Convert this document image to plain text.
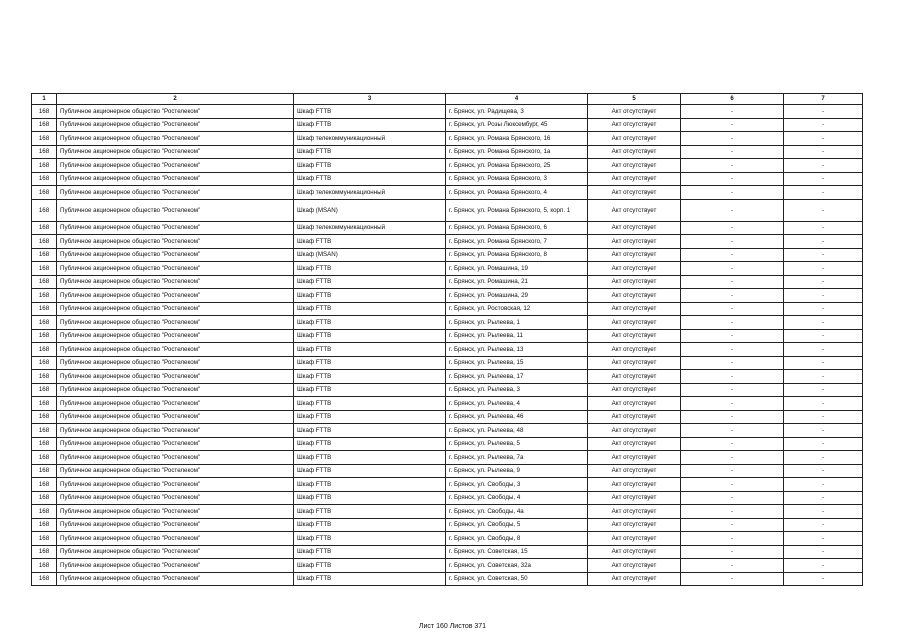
1	2	3	4	5	6	7
168	Публичное акционерное общество "Ростелеком"	Шкаф FTTB	г. Брянск, ул. Радищева, 3	Акт отсутствует	-	-
168	Публичное акционерное общество "Ростелеком"	Шкаф FTTB	г. Брянск, ул. Розы Люксембург, 45	Акт отсутствует	-	-
168	Публичное акционерное общество "Ростелеком"	Шкаф телекоммуникационный	г. Брянск, ул. Романа Брянского, 16	Акт отсутствует	-	-
168	Публичное акционерное общество "Ростелеком"	Шкаф FTTB	г. Брянск, ул. Романа Брянского, 1а	Акт отсутствует	-	-
168	Публичное акционерное общество "Ростелеком"	Шкаф FTTB	г. Брянск, ул. Романа Брянского, 25	Акт отсутствует	-	-
168	Публичное акционерное общество "Ростелеком"	Шкаф FTTB	г. Брянск, ул. Романа Брянского, 3	Акт отсутствует	-	-
168	Публичное акционерное общество "Ростелеком"	Шкаф телекоммуникационный	г. Брянск, ул. Романа Брянского, 4	Акт отсутствует	-	-
168	Публичное акционерное общество "Ростелеком"	Шкаф (MSAN)	г. Брянск, ул. Романа Брянского, 5, корп. 1	Акт отсутствует	-	-
168	Публичное акционерное общество "Ростелеком"	Шкаф телекоммуникационный	г. Брянск, ул. Романа Брянского, 6	Акт отсутствует	-	-
168	Публичное акционерное общество "Ростелеком"	Шкаф FTTB	г. Брянск, ул. Романа Брянского, 7	Акт отсутствует	-	-
168	Публичное акционерное общество "Ростелеком"	Шкаф (MSAN)	г. Брянск, ул. Романа Брянского, 8	Акт отсутствует	-	-
168	Публичное акционерное общество "Ростелеком"	Шкаф FTTB	г. Брянск, ул. Ромашина, 19	Акт отсутствует	-	-
168	Публичное акционерное общество "Ростелеком"	Шкаф FTTB	г. Брянск, ул. Ромашина, 21	Акт отсутствует	-	-
168	Публичное акционерное общество "Ростелеком"	Шкаф FTTB	г. Брянск, ул. Ромашина, 29	Акт отсутствует	-	-
168	Публичное акционерное общество "Ростелеком"	Шкаф FTTB	г. Брянск, ул. Ростовская, 12	Акт отсутствует	-	-
168	Публичное акционерное общество "Ростелеком"	Шкаф FTTB	г. Брянск, ул. Рылеева, 1	Акт отсутствует	-	-
168	Публичное акционерное общество "Ростелеком"	Шкаф FTTB	г. Брянск, ул. Рылеева, 11	Акт отсутствует	-	-
168	Публичное акционерное общество "Ростелеком"	Шкаф FTTB	г. Брянск, ул. Рылеева, 13	Акт отсутствует	-	-
168	Публичное акционерное общество "Ростелеком"	Шкаф FTTB	г. Брянск, ул. Рылеева, 15	Акт отсутствует	-	-
168	Публичное акционерное общество "Ростелеком"	Шкаф FTTB	г. Брянск, ул. Рылеева, 17	Акт отсутствует	-	-
168	Публичное акционерное общество "Ростелеком"	Шкаф FTTB	г. Брянск, ул. Рылеева, 3	Акт отсутствует	-	-
168	Публичное акционерное общество "Ростелеком"	Шкаф FTTB	г. Брянск, ул. Рылеева, 4	Акт отсутствует	-	-
168	Публичное акционерное общество "Ростелеком"	Шкаф FTTB	г. Брянск, ул. Рылеева, 46	Акт отсутствует	-	-
168	Публичное акционерное общество "Ростелеком"	Шкаф FTTB	г. Брянск, ул. Рылеева, 48	Акт отсутствует	-	-
168	Публичное акционерное общество "Ростелеком"	Шкаф FTTB	г. Брянск, ул. Рылеева, 5	Акт отсутствует	-	-
168	Публичное акционерное общество "Ростелеком"	Шкаф FTTB	г. Брянск, ул. Рылеева, 7а	Акт отсутствует	-	-
168	Публичное акционерное общество "Ростелеком"	Шкаф FTTB	г. Брянск, ул. Рылеева, 9	Акт отсутствует	-	-
168	Публичное акционерное общество "Ростелеком"	Шкаф FTTB	г. Брянск, ул. Свободы, 3	Акт отсутствует	-	-
168	Публичное акционерное общество "Ростелеком"	Шкаф FTTB	г. Брянск, ул. Свободы, 4	Акт отсутствует	-	-
168	Публичное акционерное общество "Ростелеком"	Шкаф FTTB	г. Брянск, ул. Свободы, 4а	Акт отсутствует	-	-
168	Публичное акционерное общество "Ростелеком"	Шкаф FTTB	г. Брянск, ул. Свободы, 5	Акт отсутствует	-	-
168	Публичное акционерное общество "Ростелеком"	Шкаф FTTB	г. Брянск, ул. Свободы, 8	Акт отсутствует	-	-
168	Публичное акционерное общество "Ростелеком"	Шкаф FTTB	г. Брянск, ул. Советская, 15	Акт отсутствует	-	-
168	Публичное акционерное общество "Ростелеком"	Шкаф FTTB	г. Брянск, ул. Советская, 32а	Акт отсутствует	-	-
168	Публичное акционерное общество "Ростелеком"	Шкаф FTTB	г. Брянск, ул. Советская, 50	Акт отсутствует	-	-
Лист 160 Листов 371
